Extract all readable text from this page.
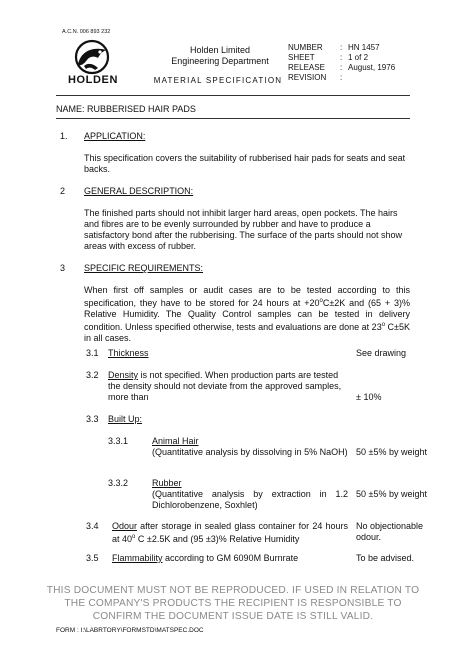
A.C.N. 006 893 232
HOLDEN
Holden Limited
Engineering Department
MATERIAL SPECIFICATION
NUMBER : HN 1457
SHEET	: 1 of 2
RELEASE : August, 1976
REVISION :
NAME: RUBBERISED HAIR PADS
1. APPLICATION:
This specification covers the suitability of rubberised hair pads for seats and seat backs.
2 GENERAL DESCRIPTION:
The finished parts should not inhibit larger hard areas, open pockets. The hairs and fibres are to be evenly surrounded by rubber and have to produce a satisfactory bond after the rubberising. The surface of the parts should not show areas with excess of rubber.
3 SPECIFIC REQUIREMENTS:
When first off samples or audit cases are to be tested according to this specification, they have to be stored for 24 hours at $+20^oC\pm 2K$ and (65 + 3)% Relative Humidity. The Quality Control samples can be tested in delivery condition. Unless specified otherwise, tests and evaluations are done at 23$^o$ C±5K in all cases.
3.1 Thickness	See drawing
3.2 Density is not specified. When production parts are tested the density should not deviate from the approved samples, more than	± 10%
3.3 Built Up:
3.3.1	Animal Hair
(Quantitative analysis by dissolving in 5% NaOH) 50 ±5% by weight
3.3.2	Rubber
(Quantitative analysis by extraction in 1.2 Dichlorobenzene, Soxhlet)
50 ±5% by weight
3.4 Odour after storage in sealed glass container for 24 hours at 40$^o$ C ±2.5K and (95 ±3)% Relative Humidity
No objectionable odour.
3.5 Flammability according to GM 6090M Burnrate	To be advised.
THIS DOCUMENT MUST NOT BE REPRODUCED. IF USED IN RELATION TO
THE COMPANY'S PRODUCTS THE RECIPIENT IS RESPONSIBLE TO
CONFIRM THE DOCUMENT ISSUE DATE IS STILL VALID.
FORM : I:\LABRTORY\FORMSTD\MATSPEC.DOC
